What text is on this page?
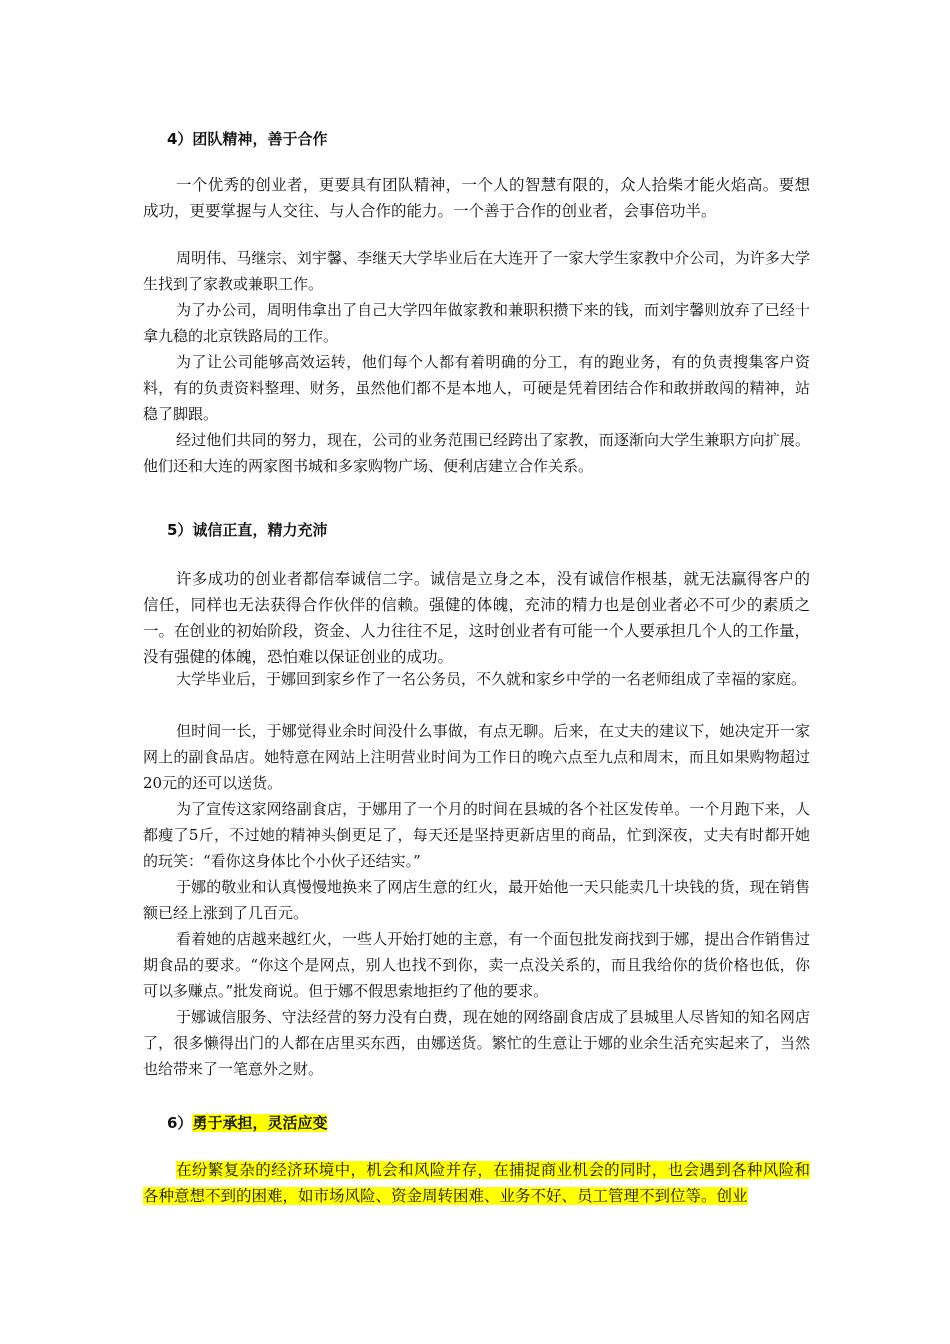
4）团队精神，善于合作

一个优秀的创业者，更要具有团队精神，一个人的智慧有限的，众人拾柴才能火焰高。要想成功，更要掌握与人交往、与人合作的能力。一个善于合作的创业者，会事倍功半。

周明伟、马继宗、刘宇馨、李继天大学毕业后在大连开了一家大学生家教中介公司，为许多大学生找到了家教或兼职工作。

为了办公司，周明伟拿出了自己大学四年做家教和兼职积攒下来的钱，而刘宇馨则放弃了已经十拿九稳的北京铁路局的工作。

为了让公司能够高效运转，他们每个人都有着明确的分工，有的跑业务，有的负责搜集客户资料，有的负责资料整理、财务，虽然他们都不是本地人，可硬是凭着团结合作和敢拼敢闯的精神，站稳了脚跟。

经过他们共同的努力，现在，公司的业务范围已经跨出了家教，而逐渐向大学生兼职方向扩展。他们还和大连的两家图书城和多家购物广场、便利店建立合作关系。

5）诚信正直，精力充沛

许多成功的创业者都信奉诚信二字。诚信是立身之本，没有诚信作根基，就无法赢得客户的信任，同样也无法获得合作伙伴的信赖。强健的体魄，充沛的精力也是创业者必不可少的素质之一。在创业的初始阶段，资金、人力往往不足，这时创业者有可能一个人要承担几个人的工作量，没有强健的体魄，恐怕难以保证创业的成功。

大学毕业后，于娜回到家乡作了一名公务员，不久就和家乡中学的一名老师组成了幸福的家庭。

但时间一长，于娜觉得业余时间没什么事做，有点无聊。后来，在丈夫的建议下，她决定开一家网上的副食品店。她特意在网站上注明营业时间为工作日的晚六点至九点和周末，而且如果购物超过20元的还可以送货。

为了宣传这家网络副食店，于娜用了一个月的时间在县城的各个社区发传单。一个月跑下来，人都瘦了5斤，不过她的精神头倒更足了，每天还是坚持更新店里的商品，忙到深夜，丈夫有时都开她的玩笑：“看你这身体比个小伙子还结实。”

于娜的敬业和认真慢慢地换来了网店生意的红火，最开始他一天只能卖几十块钱的货，现在销售额已经上涨到了几百元。

看着她的店越来越红火，一些人开始打她的主意，有一个面包批发商找到于娜，提出合作销售过期食品的要求。“你这个是网点，别人也找不到你，卖一点没关系的，而且我给你的货价格也低，你可以多赚点。”批发商说。但于娜不假思索地拒约了他的要求。

于娜诚信服务、守法经营的努力没有白费，现在她的网络副食店成了县城里人尽皆知的知名网店了，很多懒得出门的人都在店里买东西，由娜送货。繁忙的生意让于娜的业余生活充实起来了，当然也给带来了一笔意外之财。

6）勇于承担，灵活应变

在纷繁复杂的经济环境中，机会和风险并存，在捕捉商业机会的同时，也会遇到各种风险和各种意想不到的困难，如市场风险、资金周转困难、业务不好、员工管理不到位等。创业
